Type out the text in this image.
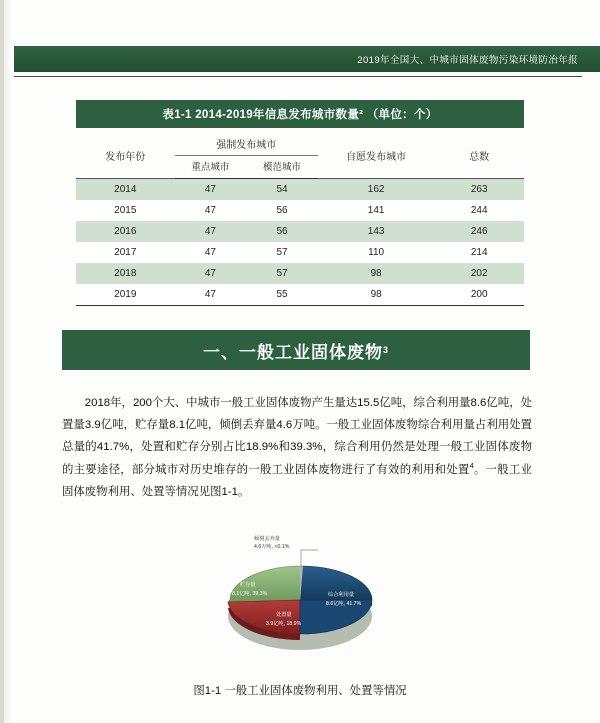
2019年全国大、中城市固体废物污染环境防治年报
表1-1 2014-2019年信息发布城市数量² （单位：个）
发布年份	强制发布城市		自愿发布城市	总数
	重点城市	模范城市		
2014	47	54	162	263
2015	47	56	141	244
2016	47	56	143	246
2017	47	57	110	214
2018	47	57	98	202
2019	47	55	98	200
一、一般工业固体废物 3

2018年，200个大、中城市一般工业固体废物产生量达15.5亿吨，综合利用量8.6亿吨，处置量3.9亿吨，贮存量8.1亿吨，倾倒丢弃量4.6万吨。一般工业固体废物综合利用量占利用处置总量的41.7%，处置和贮存分别占比18.9%和39.3%，综合利用仍然是处理一般工业固体废物的主要途径，部分城市对历史堆存的一般工业固体废物进行了有效的利用和处置$^4$。一般工业固体废物利用、处置等情况见图1-1。

倾倒丢弃量
4.6万吨, <0.1%
综合利用量
8.6亿吨, 41.7%
贮存量
8.1亿吨, 39.3%
处置量
3.9亿吨, 18.9%
图1-1 一般工业固体废物利用、处置等情况
